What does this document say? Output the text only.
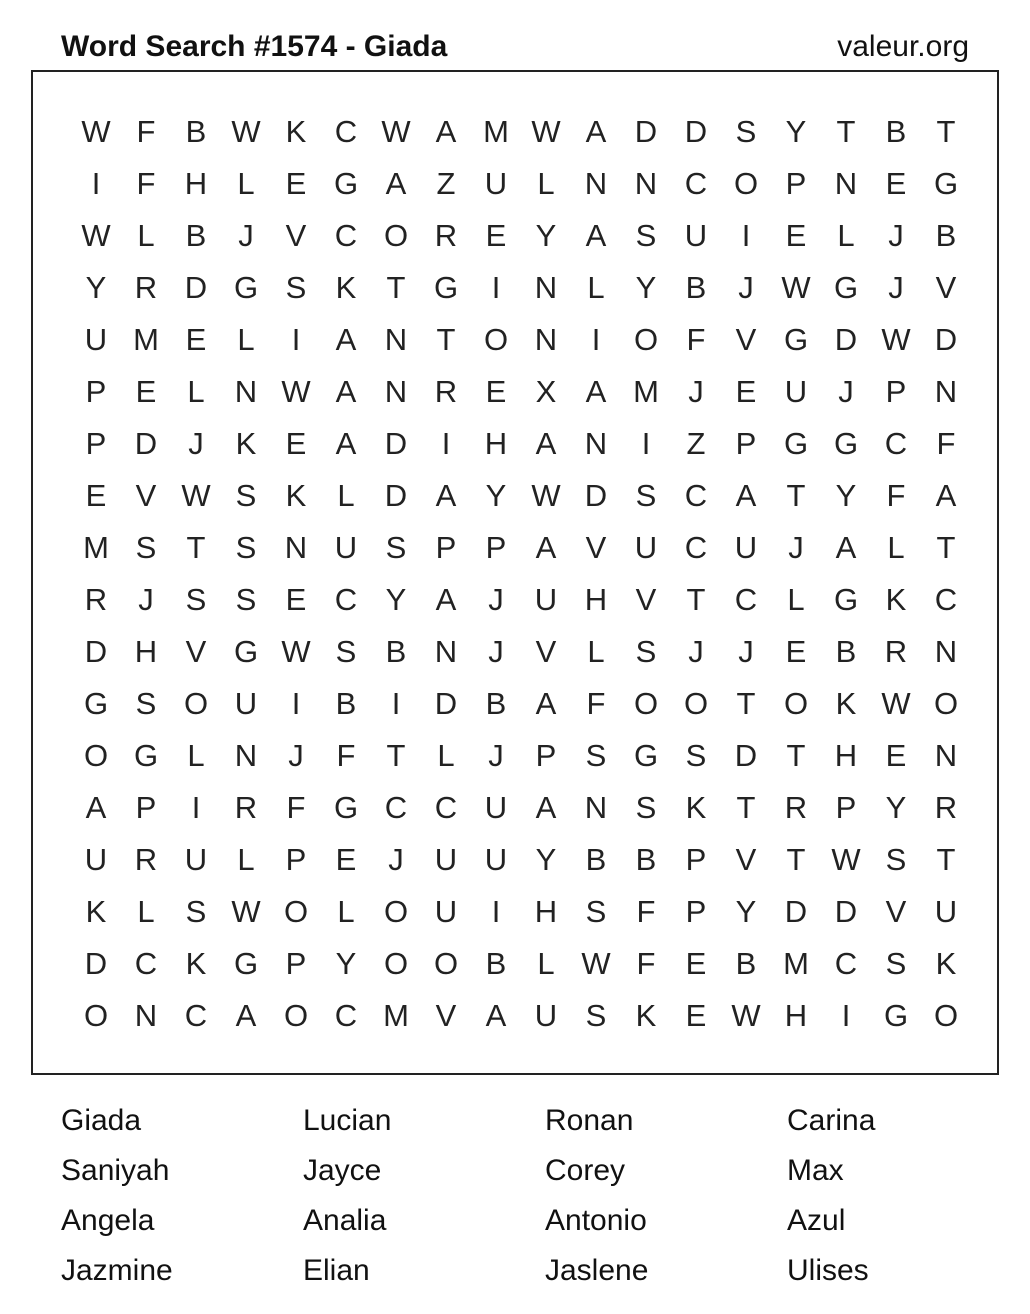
Word Search #1574 - Giada	valeur.org
W F B W K C W A M W A D D S Y T B T
I	F H L	E G A Z U L N N C O P N E G
W L	B	J	V C O R E Y A S U	I	E	L	J	B
Y R D G S K T G	I	N L	Y B	J W G J	V
U M E	L	I	A N T O N	I	O F V G D W D
P E	L N W A N R E X A M J	E U	J	P N
P D	J	K E A D	I	H A N	I	Z P G G C F
E V W S K	L D A Y W D S C A T Y F A
M S T S N U S P P A V U C U	J	A	L	T
R	J	S S E C Y A	J	U H V T C L G K C
D H V G W S B N	J	V	L	S	J	J	E B R N
G S O U	I	B	I	D B A F O O T O K W O
O G L N	J	F	T	L	J	P S G S D T H E N
A P	I	R F G C C U A N S K T R P Y R
U R U L	P E	J	U U Y B B P V T W S T
K	L	S W O L O U	I	H S F P Y D D V U
D C K G P Y O O B	L W F E B M C S K
O N C A O C M V A U S K E W H	I	G O
Giada	Lucian	Ronan	Carina
Saniyah	Jayce	Corey	Max
Angela	Analia	Antonio	Azul
Jazmine	Elian	Jaslene	Ulises
